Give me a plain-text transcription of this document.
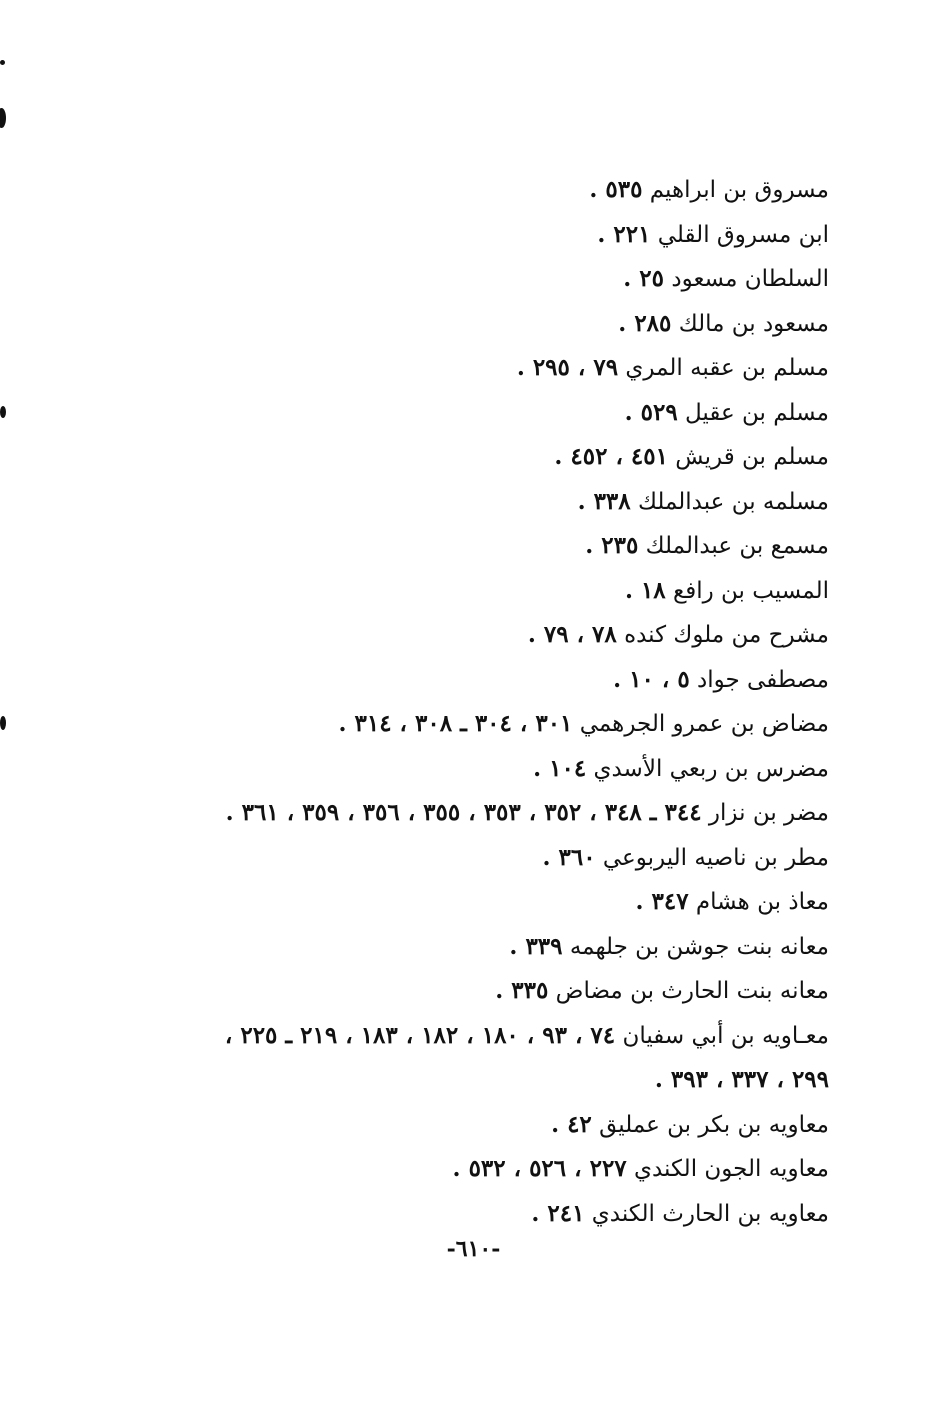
مسروق بن ابراهيم ٥٣٥ .
ابن مسروق القلي ٢٢١ .
السلطان مسعود ٢٥ .
مسعود بن مالك ٢٨٥ .
مسلم بن عقبه المري ٧٩ ، ٢٩٥ .
مسلم بن عقيل ٥٢٩ .
مسلم بن قريش ٤٥١ ، ٤٥٢ .
مسلمه بن عبدالملك ٣٣٨ .
مسمع بن عبدالملك ٢٣٥ .
المسيب بن رافع ١٨ .
مشرح من ملوك كنده ٧٨ ، ٧٩ .
مصطفى جواد ٥ ، ١٠ .
مضاض بن عمرو الجرهمي ٣٠١ ، ٣٠٤ ـ ٣٠٨ ، ٣١٤ .
مضرس بن ربعي الأسدي ١٠٤ .
مضر بن نزار ٣٤٤ ـ ٣٤٨ ، ٣٥٢ ، ٣٥٣ ، ٣٥٥ ، ٣٥٦ ، ٣٥٩ ، ٣٦١ .
مطر بن ناصيه اليربوعي ٣٦٠ .
معاذ بن هشام ٣٤٧ .
معانه بنت جوشن بن جلهمه ٣٣٩ .
معانه بنت الحارث بن مضاض ٣٣٥ .
معـاويه بن أبي سفيان ٧٤ ، ٩٣ ، ١٨٠ ، ١٨٢ ، ١٨٣ ، ٢١٩ ـ ٢٢٥ ،
٢٩٩ ، ٣٣٧ ، ٣٩٣ .
معاويه بن بكر بن عمليق ٤٢ .
معاويه الجون الكندي ٢٢٧ ، ٥٢٦ ، ٥٣٢ .
معاويه بن الحارث الكندي ٢٤١ .
-٦١٠-
